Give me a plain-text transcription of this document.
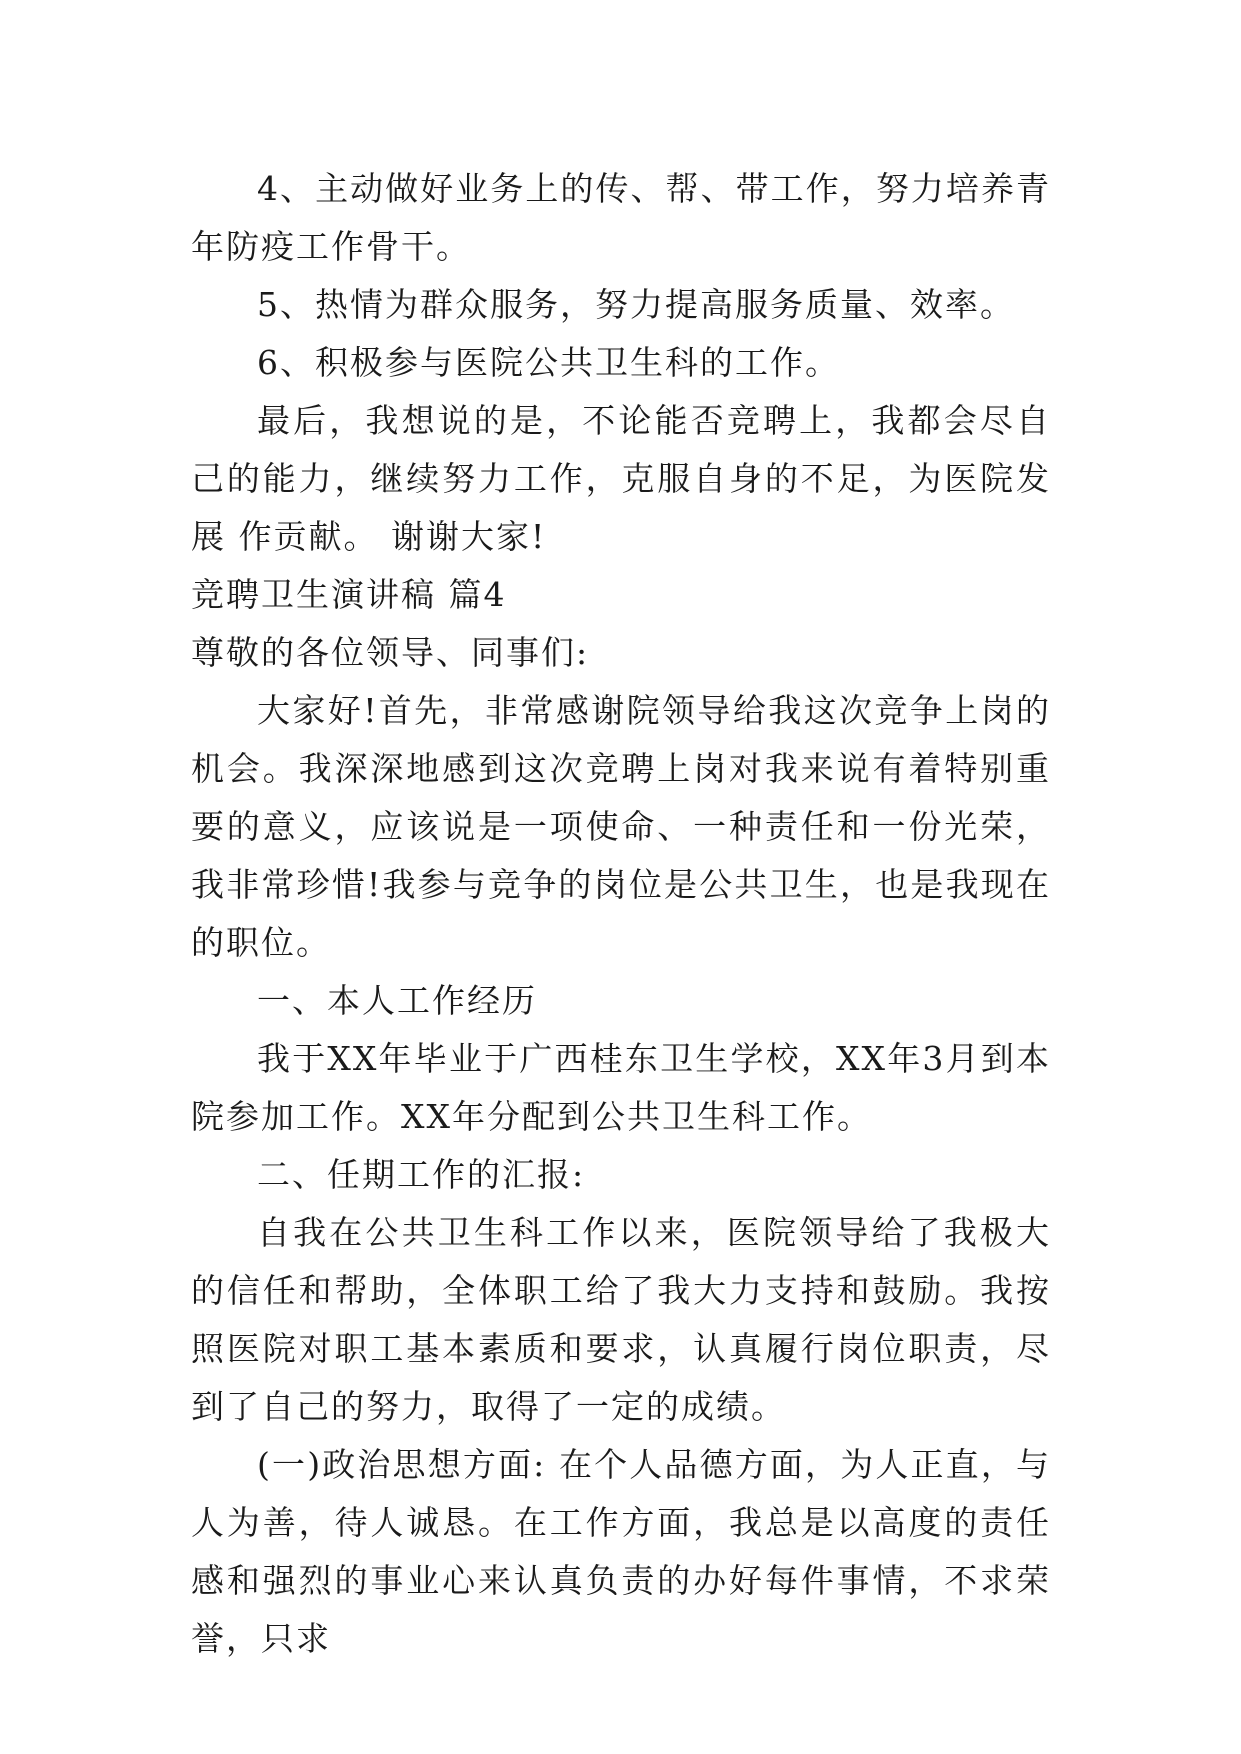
4、主动做好业务上的传、帮、带工作，努力培养青年防疫工作骨干。

5、热情为群众服务，努力提高服务质量、效率。

6、积极参与医院公共卫生科的工作。

最后，我想说的是，不论能否竞聘上，我都会尽自己的能力，继续努力工作，克服自身的不足，为医院发展 作贡献。 谢谢大家!

竞聘卫生演讲稿 篇4

尊敬的各位领导、同事们:

大家好!首先，非常感谢院领导给我这次竞争上岗的机会。我深深地感到这次竞聘上岗对我来说有着特别重要的意义，应该说是一项使命、一种责任和一份光荣，我非常珍惜!我参与竞争的岗位是公共卫生，也是我现在的职位。

一、本人工作经历

我于XX年毕业于广西桂东卫生学校，XX年3月到本院参加工作。XX年分配到公共卫生科工作。

二、任期工作的汇报:

自我在公共卫生科工作以来，医院领导给了我极大的信任和帮助，全体职工给了我大力支持和鼓励。我按照医院对职工基本素质和要求，认真履行岗位职责，尽到了自己的努力，取得了一定的成绩。

(一)政治思想方面: 在个人品德方面，为人正直，与人为善，待人诚恳。在工作方面，我总是以高度的责任感和强烈的事业心来认真负责的办好每件事情，不求荣誉，只求
